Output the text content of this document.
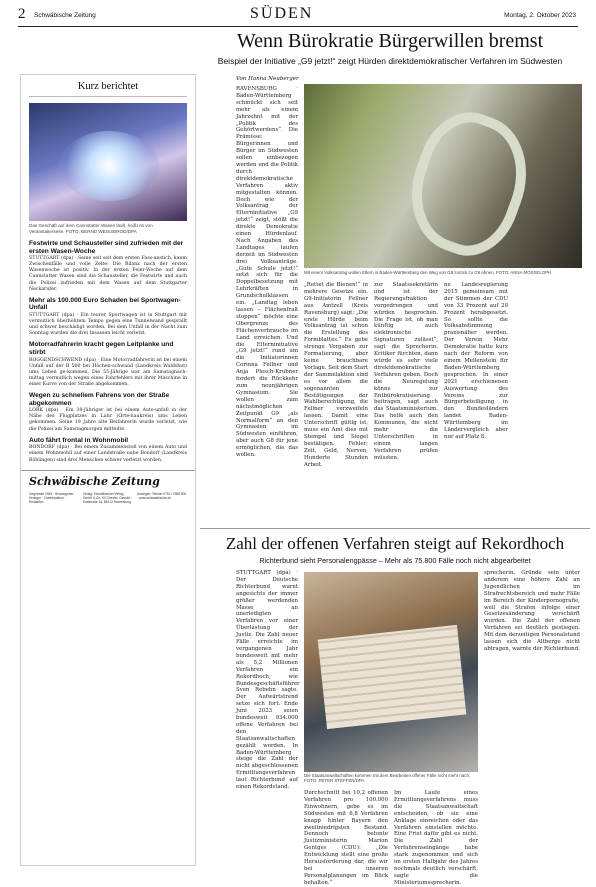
2 Schwäbische Zeitung	SÜDEN	Montag, 2. Oktober 2023
Kurz berichtet
Das Geschäft auf dem Cannstatter Wasen läuft, heißt es von Veranstalterseite. FOTO: BERND WEISSBROD/DPA
Festwirte und Schausteller sind zufrieden mit der ersten Wasen-Woche

STUTTGART (dpa) · Seine seit seit dem ersten Fass-anstich, kaum Zwischenfälle und volle Zelte: Die Bilanz nach der ersten Wasenwoche ist positiv. In der ersten Feier-Woche auf dem Cannstatter Wasen sind die Schausteller, die Festwirte und auch die Polizei zufrieden mit dem Wasen auf dem Stuttgarter Neckarufer.

Mehr als 100.000 Euro Schaden bei Sportwagen-Unfall

STUTTGART (dpa) · Ein teurer Sportwagen ist in Stuttgart mit vermutlich überhöhtem Tempo gegen eine Tunnelwand gesprallt und schwer beschädigt worden. Bei dem Unfall in der Nacht zum Sonntag wurden die drei Insassen leicht verletzt.

Motorradfahrerin kracht gegen Leitplanke und stirbt

ROGGENDSCHWEND (dpa) · Eine Motorradfahrerin ist bei einem Unfall auf der B 500 bei Höchen-schwand (Landkreis Waldshut) ums Leben ge-kommen. Die 55-Jährige war am Samstagnach-mittag vermutlich wegen eines Fahrfehlers mit ihrer Maschine in einer Kurve von der Straße abgekommen.

Wegen zu schnellem Fahrens von der Straße abgekommen

LORK (dpa) · Ein 38-Jähriger ist bei einem Auto-unfall in der Nähe des Flugplatzes in Lahr (Orte-naukreis) ums Leben gekommen. Seine 19 Jahre alte Beifahrerin wurde verletzt, wie die Polizei am Samstagmorgen mitteilte.

Auto fährt frontal in Wohnmobil

BONDORF (dpa) · Bei einem Zusammenstoß von einem Auto und einem Wohnmobil auf einer Landstraße nahe Bondorf (Landkreis Böblingen) sind drei Menschen schwer verletzt worden.

Schwäbische Zeitung

Gegründet 1945 · Herausgeber: Verleger · Chefredakteur · Redaktion

Verlag: Schwäbischer Verlag GmbH & Co. KG Drexler, Gessler · Karlstraße 16, 88212 Ravensburg

Anzeigen: Telefon 0751 / 2955 500 · www.schwaebische.de

Wenn Bürokratie Bürgerwillen bremst
Beispiel der Initiative „G9 jetzt!“ zeigt Hürden direktdemokratischer Verfahren im Südwesten
Von Hanna Neuberger
RAVENSBURG · Baden-Württemberg schmückt sich seit mehr als einem Jahrzehnt mit der „Politik des Gehörtwerdens“. Die Prämisse: Bürgerinnen und Bürger im Südwesten sollen einbezogen werden und die Politik durch direktdemokratische Verfahren aktiv mitgestalten können. Doch wie der Volksantrag der Elterninitiative „G9 jetzt!“ zeigt, stößt die direkte Demokratie einen Hürdenlauf. Nach Angaben des Landtages laufen derzeit im Südwesten drei Volksanträge. „Gute Schule jetzt!“ setzt sich für die Doppelbesetzung mit Lehrkräften in Grundschulklassen ein. „Landtag leben lassen – Flächenfraß stoppen“ möchte eine Obergrenze des Flächenverbrauchs im Land erreichen. Und die Elterninitiative „G9 jetzt!“ rund um die Initiatorinnen Corinna Fellner und Anja Plesch-Krubner fordert die Rückkehr zum neunjährigen Gymnasium. Sie wollen zum nächstmöglichen Zeitpunkt G9 „als Normalform“ an den Gymnasien im Südwesten einführen, aber auch G8 für jene ermöglichen, die das wollen.
Mit einem Volksantrag wollen Eltern in Baden-Württemberg den Weg von G8 zurück zu G9 ebnen. FOTO: ANNA MOSSELOPH
„Rettet die Bienen!“ in mehrere Gesetze ein. G9-Initiatorin Fellner aus Amtzell (Kreis Ravensburg) sagt: „Die erste Hürde beim Volksantrag ist schon die Erstellung des Formblattes.“ Es gebe strenge Vorgaben zur Formatierung, aber keine brauchbare Vorlage. Seit dem Start der Sammelaktion sind es vor allem die sogenannten Bestätigungen der Wahlberechtigung, die Fellner verzweifeln lassen. Damit eine Unterschrift gültig ist, muss ein Amt dies mit Stempel und Siegel bestätigen. Fehler: Zeit, Geld, Nerven, Hunderte Stunden Arbeit.
zur Staatssekretärin und ist der Regierungsfraktion vorgedrungen und würden besprochen. Die Frage ist, ob man künftig auch elektronische Signaturen zulässt“, sagt die Sprecherin. Kritiker fürchten, dann würde es sehr viele direktdemokratische Verfahren geben. Doch die Neuregelung könne zur Entbürokratisierung beitragen, sagt auch das Staatsministerium. Das helfe auch den Kommunen, die nicht mehr die Unterschriften in einem langen Verfahren prüfen müssten.
ne Landesregierung 2015 gemeinsam mit der Stimmen der CDU von 33 Prozent auf 20 Prozent herabgesetzt. So sollte die Volksabstimmung praxisnäher werden. Der Verein Mehr Demokratie hatte kurz nach der Reform von einem Meilenstein für Baden-Württemberg gesprochen. In einer 2021 erschienenen Auswertung des Vereins zur Bürgerbeteiligung in den Bundesländern landet Baden-Württemberg im Ländervergleich aber nur auf Platz 8.
Zahl der offenen Verfahren steigt auf Rekordhoch
Richterbund sieht Personalengpässe – Mehr als 75.800 Fälle noch nicht abgearbeitet
STUTTGART (dpa) · Der Deutsche Richterbund warnt angesichts der immer größer werdenden Masse an unerledigten Verfahren vor einer Überlastung der Justiz. Die Zahl neuer Fälle erreichte im vergangenen Jahr bundesweit mit mehr als 5,2 Millionen Verfahren ein Rekordhoch, wie Bundesgeschäftsführer Sven Rebehn sagte. Der Aufwärtstrend setze sich fort. Ende Juni 2023 seien bundesweit 934.000 offene Verfahren bei den Staatsanwaltschaften gezählt worden. In Baden-Württemberg steige die Zahl der nicht abgeschlossenen Ermittlungsverfahren laut Richterbund auf einen Rekordstand.
Die Staatsanwaltschaften kommen mit dem Bearbeiten offener Fälle nicht mehr nach. FOTO: PETER STEFFEN/DPA
Durchschnitt bei 10,2 offenen Verfahren pro 100.000 Einwohnern, gebe es im Südwesten mit 6,8 Verfahren knapp hinter Bayern den zweitniedrigsten Bestand. Dennoch betonte Justizministerin Marion Gentges (CDU): „Die Entwicklung stellt eine große Herausforderung dar, die wir bei unseren Personalplanungen im Blick behalten.“
Im Laufe eines Ermittlungsverfahrens muss die Staatsanwaltschaft entscheiden, ob sie eine Anklage einreichen oder das Verfahren einstellen möchte. Eine Frist dafür gibt es nicht. Die Zahl der Verfahrenseingänge habe stark zugenommen und sich im ersten Halbjahr des Jahres nochmals deutlich verschärft, sagte die Ministeriumssprecherin.
sprecherin. Gründe sein unter anderem eine höhere Zahl an Jugendlichen im Strafrechtsbereich und mehr Fälle im Bereich der Kinderpornografie, weil die Strafen infolge einer Gesetzesänderung verschärft wurden. Die Zahl der offenen Verfahren sei deutlich gestiegen. Mit dem derzeitigen Personalstand lassen sich die Altberge nicht abtragen, warnte der Richterbund.
